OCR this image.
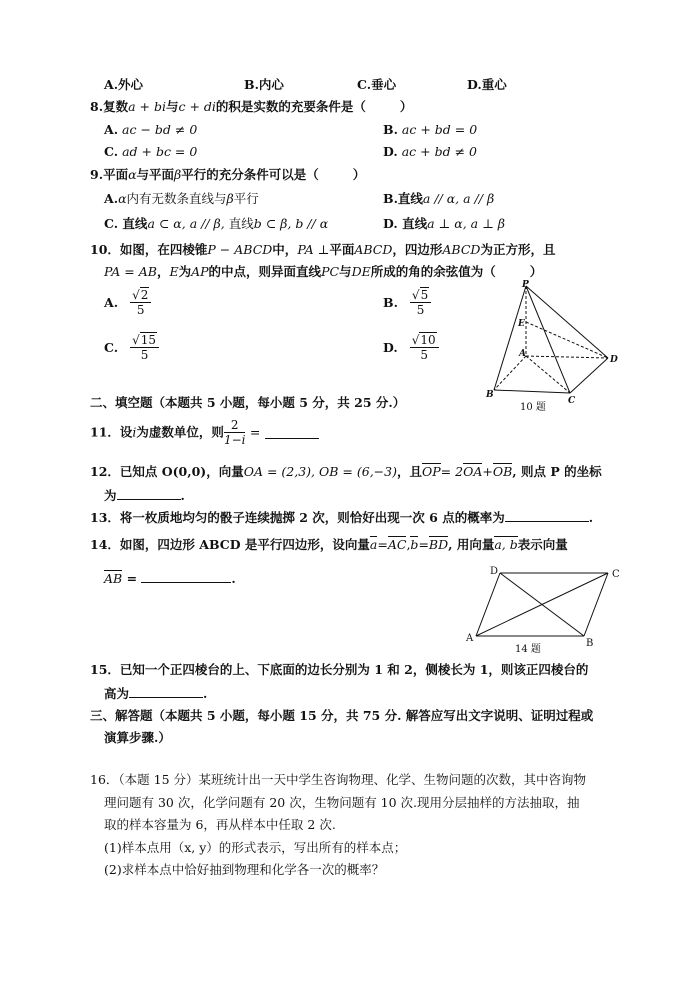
A.外心	B.内心	C.垂心	D.重心
8.复数a + bi与c + di的积是实数的充要条件是（	）
A. ac − bd ≠ 0	B. ac + bd = 0
C. ad + bc = 0	D. ac + bd ≠ 0
9.平面α与平面β平行的充分条件可以是（	）
A.α内有无数条直线与β平行	B.直线a // α, a // β
C. 直线a ⊂ α, a // β, 直线b ⊂ β, b // α	D. 直线a ⊥ α, a ⊥ β
10．如图，在四棱锥P − ABCD中，PA ⊥平面ABCD，四边形ABCD为正方形，且
PA = AB，E为AP的中点，则异面直线PC与DE所成的角的余弦值为（	）
A. $\frac{√2}{5}$	B. $\frac{√5}{5}$
C. $\frac{√15}{5}$	D. $\frac{√10}{5}$
P
E
A
B
C
D
10 题
二、填空题（本题共 5 小题，每小题 5 分，共 25 分.）
11．设i为虚数单位，则 $\frac{2}{1-i}$ =
12．已知点 O(0,0)，向量OA = (2,3), OB = (6,−3)，且OP= 2OA+OB, 则点 P 的坐标
为	.
13．将一枚质地均匀的骰子连续抛掷 2 次，则恰好出现一次 6 点的概率为	.
14．如图，四边形 ABCD 是平行四边形，设向量a=AC,b=BD, 用向量a, b表示向量
AB =	.	D	C
A	B
14 题
15．已知一个正四棱台的上、下底面的边长分别为 1 和 2，侧棱长为 1，则该正四棱台的
高为	.
三、解答题（本题共 5 小题，每小题 15 分，共 75 分. 解答应写出文字说明、证明过程或
演算步骤.）
16．（本题 15 分）某班统计出一天中学生咨询物理、化学、生物问题的次数，其中咨询物
理问题有 30 次，化学问题有 20 次，生物问题有 10 次.现用分层抽样的方法抽取，抽
取的样本容量为 6，再从样本中任取 2 次.
(1)样本点用（x, y）的形式表示，写出所有的样本点；
(2)求样本点中恰好抽到物理和化学各一次的概率？
